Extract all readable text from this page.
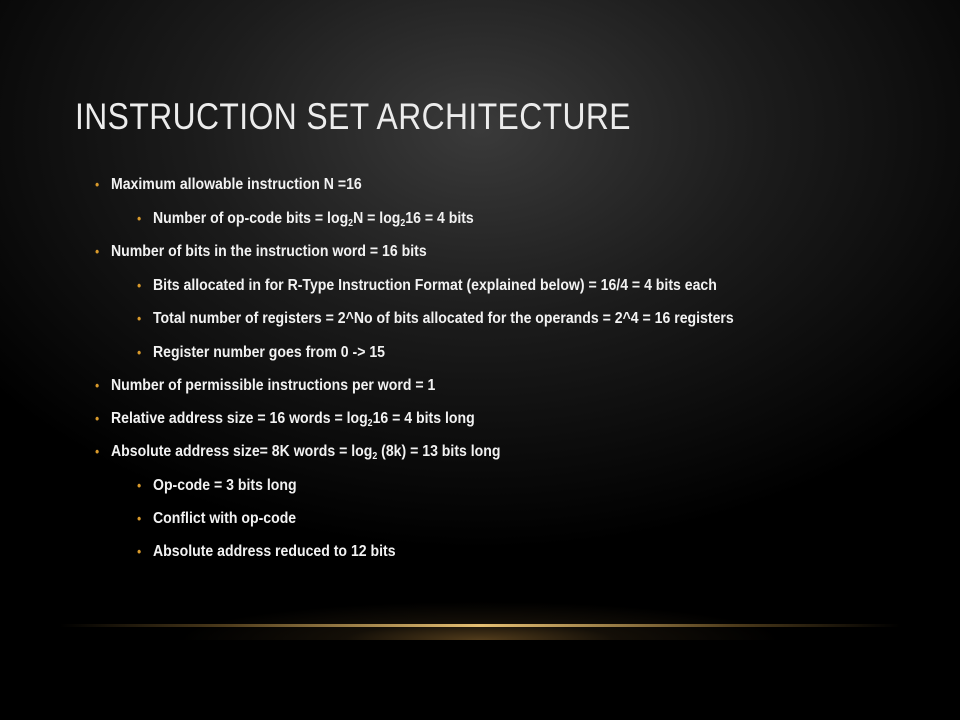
INSTRUCTION SET ARCHITECTURE
• Maximum allowable instruction N =16
• Number of op-code bits = $\log_2N = \log_216 = 4$ bits
• Number of bits in the instruction word = 16 bits
• Bits allocated in for R-Type Instruction Format (explained below) = 16/4 = 4 bits each
• Total number of registers = 2^No of bits allocated for the operands = 2^4 = 16 registers
• Register number goes from 0 -> 15
• Number of permissible instructions per word = 1
• Relative address size = 16 words = $\log_216 = 4$ bits long
• Absolute address size= 8K words = $\log_2 (8k) = 13$ bits long
• Op-code = 3 bits long
• Conflict with op-code
• Absolute address reduced to 12 bits
